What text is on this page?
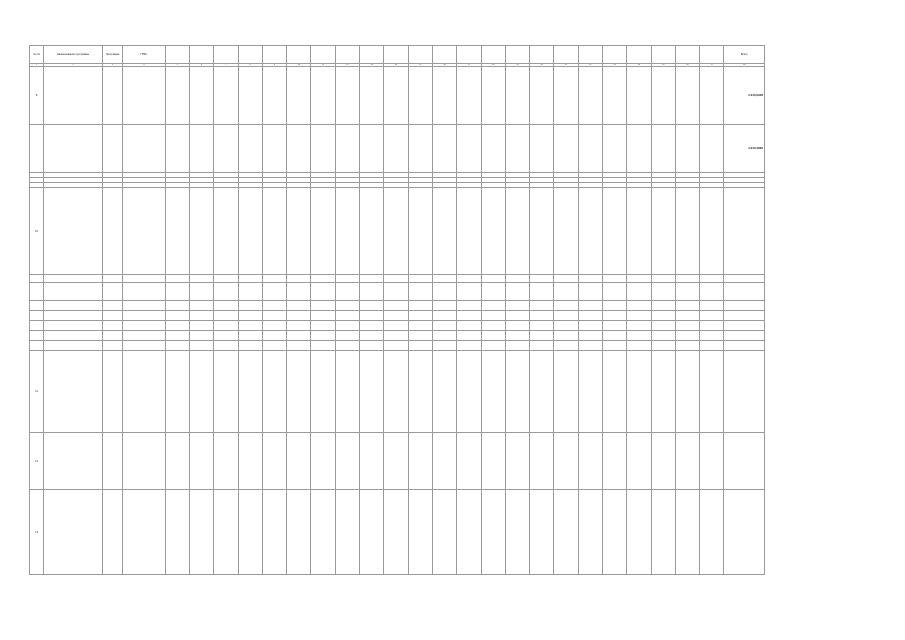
№ п/п	Наименование программы	Программа	ГРБС																								Всего
1	2	3	4	5	6	7	8	9	10	11	12	13	14	15	16	17	18	19	20	21	22	23	24	25	26	27	28
8																											4 943,9028
																											4 943,3996

10																											

11																											
12																											
13																											
